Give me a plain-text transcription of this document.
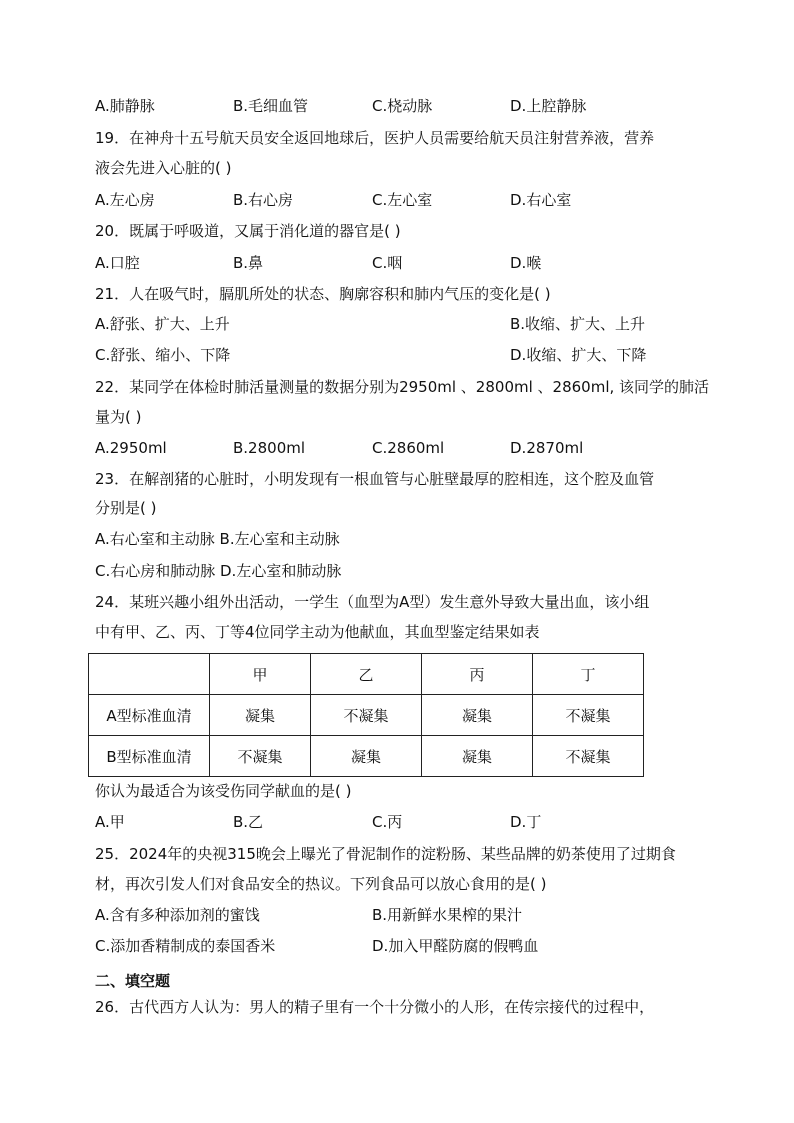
A.肺静脉	B.毛细血管	C.桡动脉	D.上腔静脉
19．在神舟十五号航天员安全返回地球后，医护人员需要给航天员注射营养液，营养
液会先进入心脏的( )
A.左心房	B.右心房	C.左心室	D.右心室
20．既属于呼吸道，又属于消化道的器官是( )
A.口腔	B.鼻	C.咽	D.喉
21．人在吸气时，膈肌所处的状态、胸廓容积和肺内气压的变化是( )
A.舒张、扩大、上升	B.收缩、扩大、上升
C.舒张、缩小、下降	D.收缩、扩大、下降
22．某同学在体检时肺活量测量的数据分别为2950ml 、2800ml 、2860ml, 该同学的肺活
量为( )
A.2950ml	B.2800ml	C.2860ml	D.2870ml
23．在解剖猪的心脏时，小明发现有一根血管与心脏壁最厚的腔相连，这个腔及血管
分别是( )
A.右心室和主动脉 B.左心室和主动脉
C.右心房和肺动脉 D.左心室和肺动脉
24．某班兴趣小组外出活动，一学生（血型为A型）发生意外导致大量出血，该小组
中有甲、乙、丙、丁等4位同学主动为他献血，其血型鉴定结果如表
	甲	乙	丙	丁
A型标准血清	凝集	不凝集	凝集	不凝集
B型标准血清	不凝集	凝集	凝集	不凝集
你认为最适合为该受伤同学献血的是( )
A.甲	B.乙	C.丙	D.丁
25．2024年的央视315晚会上曝光了骨泥制作的淀粉肠、某些品牌的奶茶使用了过期食
材，再次引发人们对食品安全的热议。下列食品可以放心食用的是( )
A.含有多种添加剂的蜜饯	B.用新鲜水果榨的果汁
C.添加香精制成的泰国香米	D.加入甲醛防腐的假鸭血
二、填空题
26．古代西方人认为：男人的精子里有一个十分微小的人形，在传宗接代的过程中，
